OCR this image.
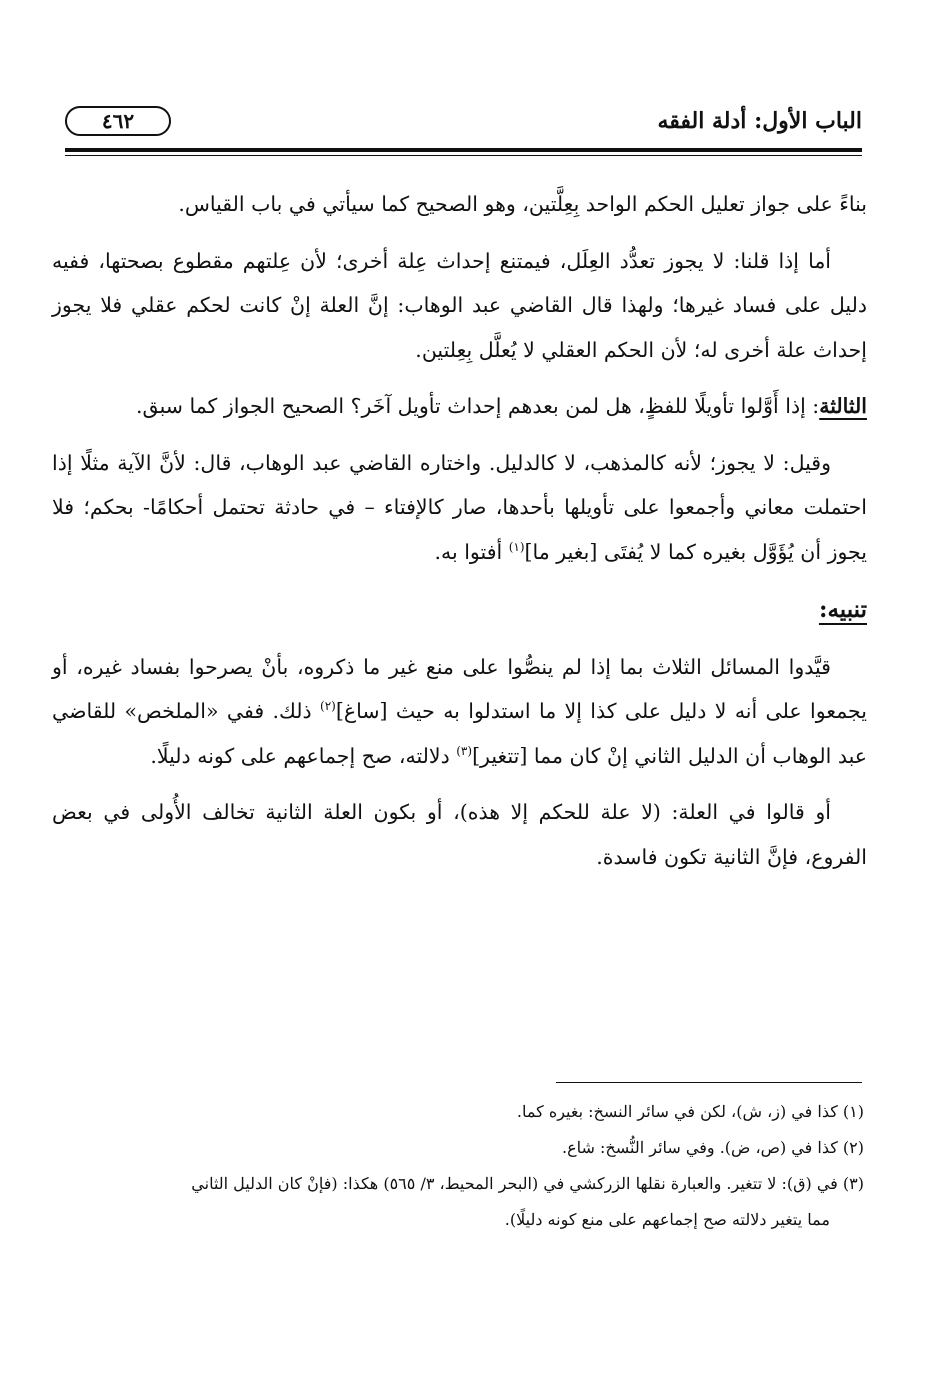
الباب الأول: أدلة الفقه
٤٦٢

بناءً على جواز تعليل الحكم الواحد بِعِلَّتين، وهو الصحيح كما سيأتي في باب القياس.

أما إذا قلنا: لا يجوز تعدُّد العِلَل، فيمتنع إحداث عِلة أخرى؛ لأن عِلتهم مقطوع بصحتها، ففيه دليل على فساد غيرها؛ ولهذا قال القاضي عبد الوهاب: إنَّ العلة إنْ كانت لحكم عقلي فلا يجوز إحداث علة أخرى له؛ لأن الحكم العقلي لا يُعلَّل بِعِلتين.

الثالثة: إذا أَوَّلوا تأويلًا للفظٍ، هل لمن بعدهم إحداث تأويل آخَر؟ الصحيح الجواز كما سبق.

وقيل: لا يجوز؛ لأنه كالمذهب، لا كالدليل. واختاره القاضي عبد الوهاب، قال: لأنَّ الآية مثلًا إذا احتملت معاني وأجمعوا على تأويلها بأحدها، صار كالإفتاء – في حادثة تحتمل أحكامًا- بحكم؛ فلا يجوز أن يُؤَوَّل بغيره كما لا يُفتَى [بغير ما]$^{(١)}$ أفتوا به.

تنبيه:

قيَّدوا المسائل الثلاث بما إذا لم ينصُّوا على منع غير ما ذكروه، بأنْ يصرحوا بفساد غيره، أو يجمعوا على أنه لا دليل على كذا إلا ما استدلوا به حيث [ساغ]$^{(٢)}$ ذلك. ففي «الملخص» للقاضي عبد الوهاب أن الدليل الثاني إنْ كان مما [تتغير]$^{(٣)}$ دلالته، صح إجماعهم على كونه دليلًا.

أو قالوا في العلة: (لا علة للحكم إلا هذه)، أو بكون العلة الثانية تخالف الأُولى في بعض الفروع، فإنَّ الثانية تكون فاسدة.

(١) كذا في (ز، ش)، لكن في سائر النسخ: بغيره كما.

(٢) كذا في (ص، ض). وفي سائر النُّسخ: شاع.

(٣) في (ق): لا تتغير. والعبارة نقلها الزركشي في (البحر المحيط، ٣/ ٥٦٥) هكذا: (فإنْ كان الدليل الثاني

مما يتغير دلالته صح إجماعهم على منع كونه دليلًا).
